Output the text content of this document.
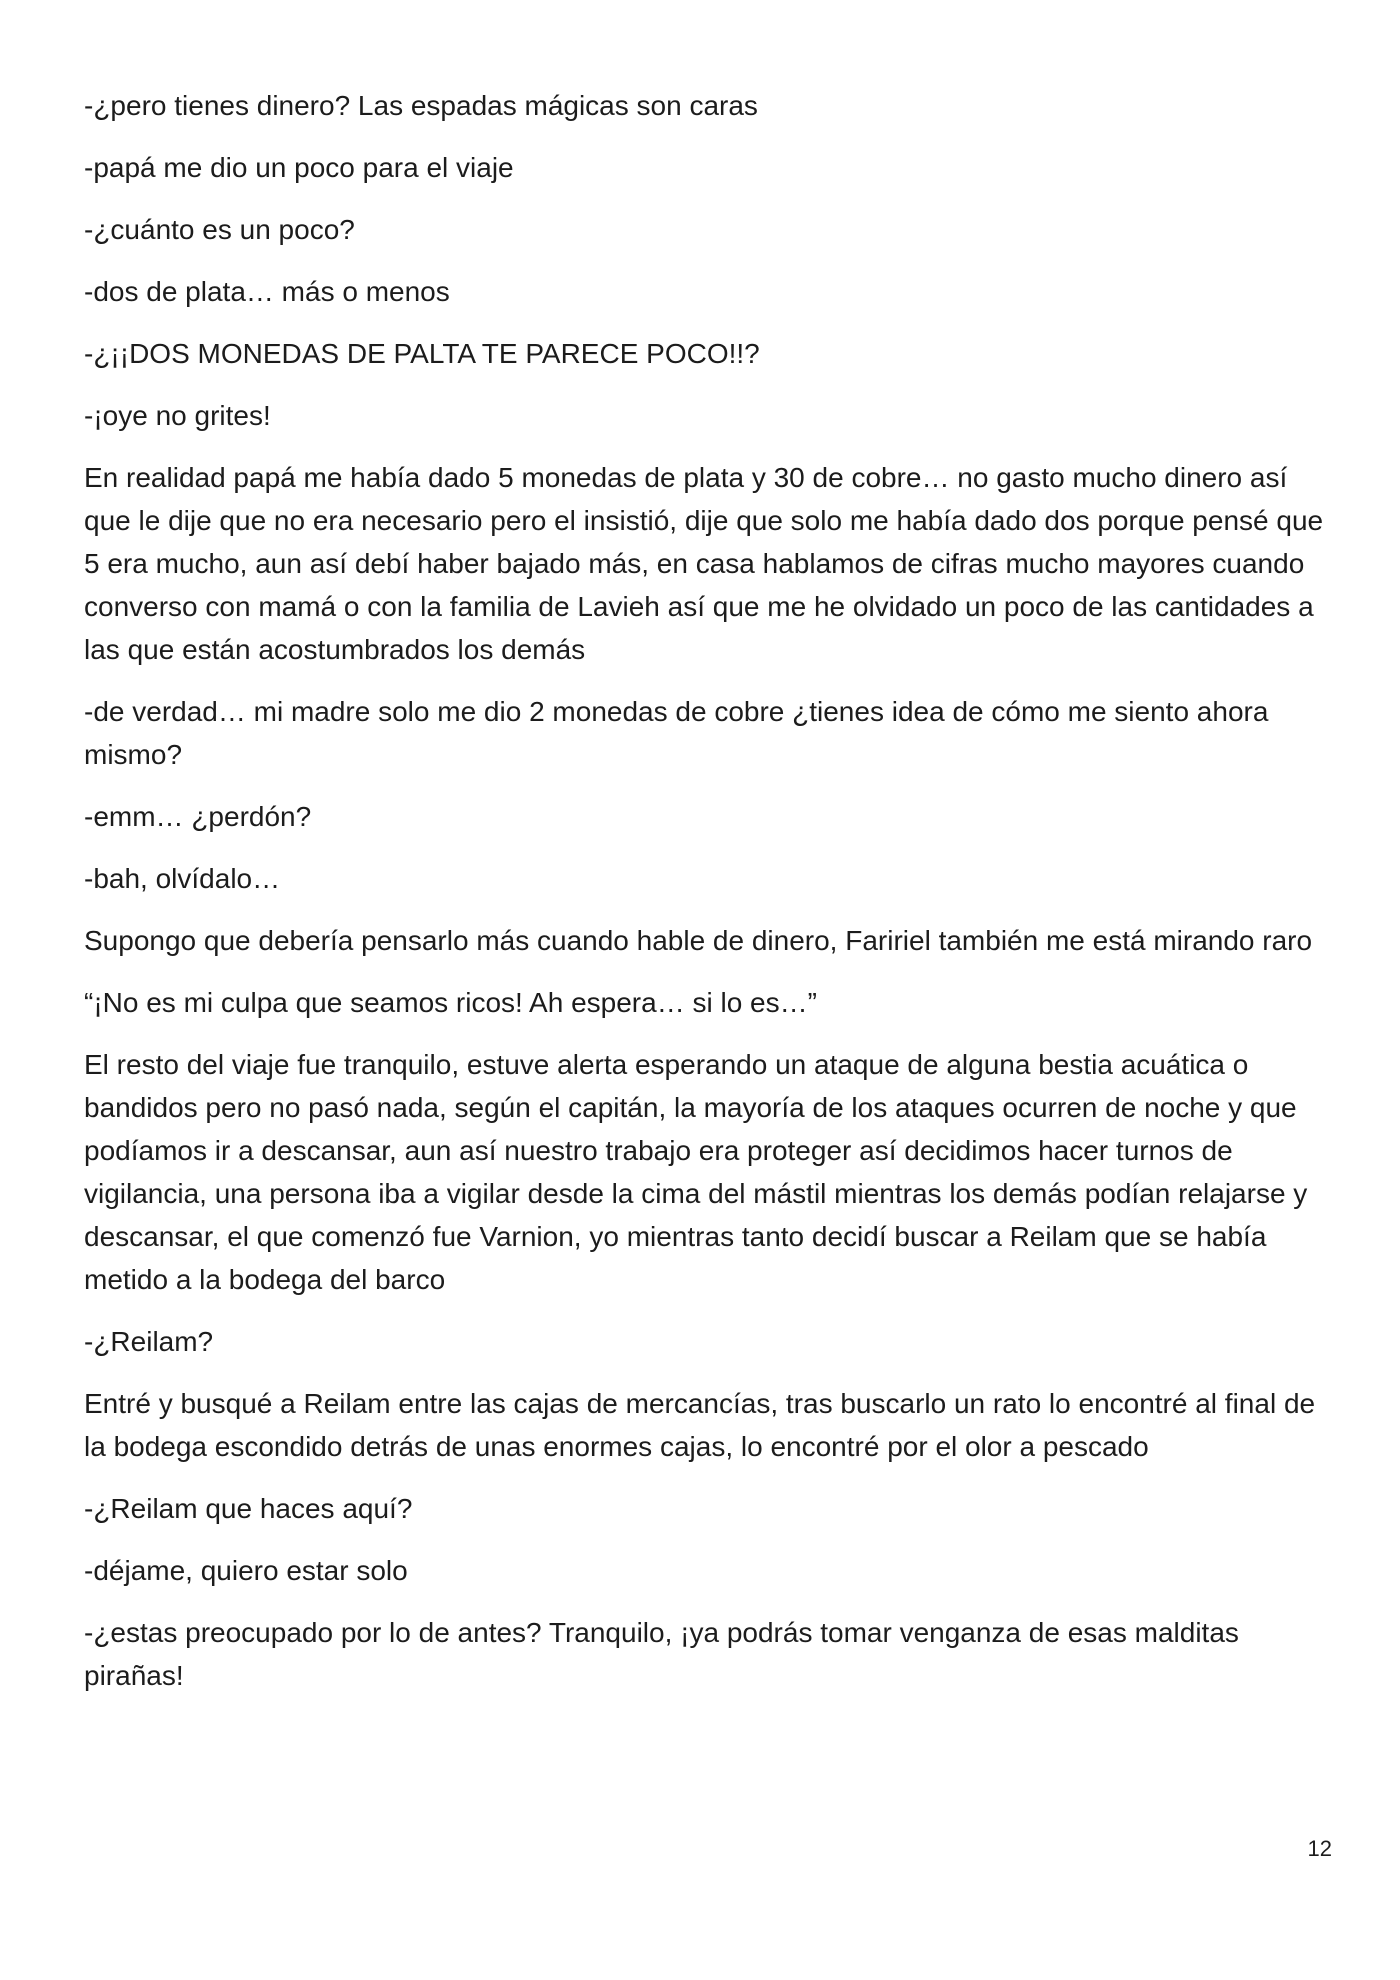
-¿pero tienes dinero? Las espadas mágicas son caras

-papá me dio un poco para el viaje

-¿cuánto es un poco?

-dos de plata… más o menos

-¿¡¡DOS MONEDAS DE PALTA TE PARECE POCO!!?

-¡oye no grites!

En realidad papá me había dado 5 monedas de plata y 30 de cobre… no gasto mucho dinero así que le dije que no era necesario pero el insistió, dije que solo me había dado dos porque pensé que 5 era mucho, aun así debí haber bajado más, en casa hablamos de cifras mucho mayores cuando converso con mamá o con la familia de Lavieh así que me he olvidado un poco de las cantidades a las que están acostumbrados los demás

-de verdad… mi madre solo me dio 2 monedas de cobre ¿tienes idea de cómo me siento ahora mismo?

-emm… ¿perdón?

-bah, olvídalo…

Supongo que debería pensarlo más cuando hable de dinero, Faririel también me está mirando raro

“¡No es mi culpa que seamos ricos! Ah espera… si lo es…”

El resto del viaje fue tranquilo, estuve alerta esperando un ataque de alguna bestia acuática o bandidos pero no pasó nada, según el capitán, la mayoría de los ataques ocurren de noche y que podíamos ir a descansar, aun así nuestro trabajo era proteger así decidimos hacer turnos de vigilancia, una persona iba a vigilar desde la cima del mástil mientras los demás podían relajarse y descansar, el que comenzó fue Varnion, yo mientras tanto decidí buscar a Reilam que se había metido a la bodega del barco

-¿Reilam?

Entré y busqué a Reilam entre las cajas de mercancías, tras buscarlo un rato lo encontré al final de la bodega escondido detrás de unas enormes cajas, lo encontré por el olor a pescado

-¿Reilam que haces aquí?

-déjame, quiero estar solo

-¿estas preocupado por lo de antes? Tranquilo, ¡ya podrás tomar venganza de esas malditas pirañas!

12
